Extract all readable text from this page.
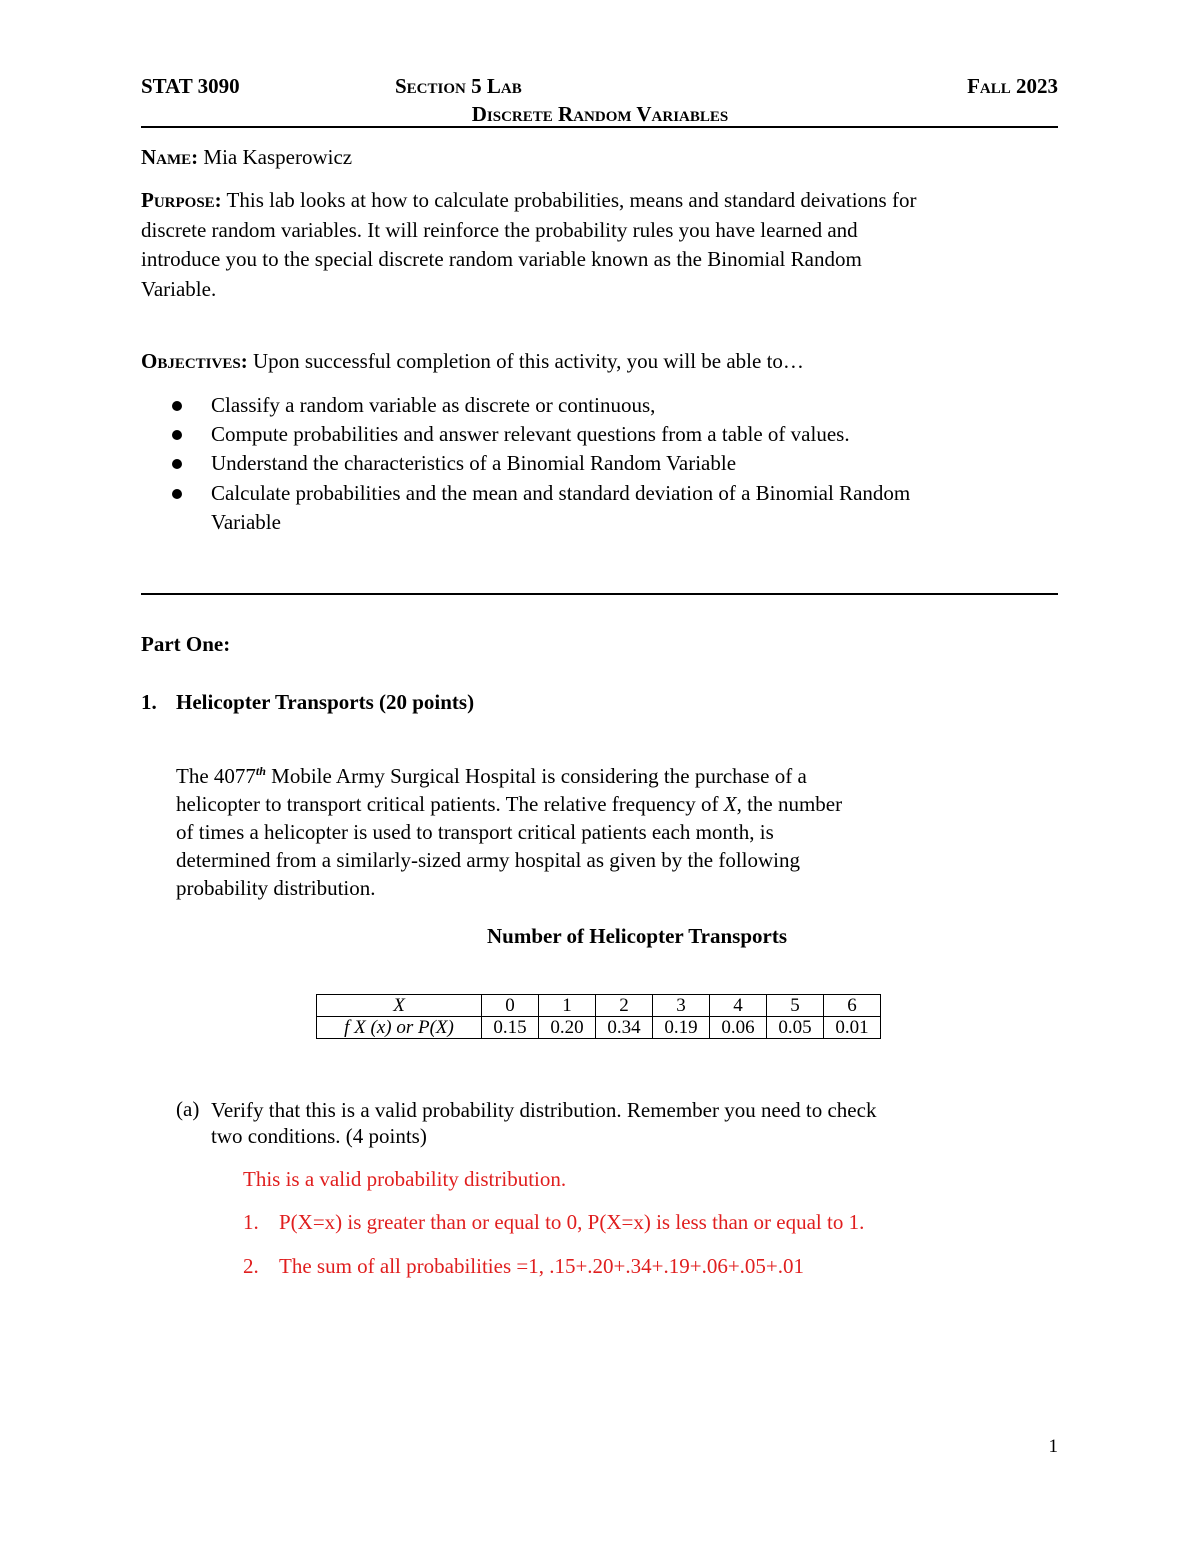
STAT 3090	Section 5 Lab	Fall 2023
Discrete Random Variables
Name: Mia Kasperowicz
Purpose: This lab looks at how to calculate probabilities, means and standard deivations for
discrete random variables. It will reinforce the probability rules you have learned and
introduce you to the special discrete random variable known as the Binomial Random
Variable.
Objectives: Upon successful completion of this activity, you will be able to…
Classify a random variable as discrete or continuous,
Compute probabilities and answer relevant questions from a table of values.
Understand the characteristics of a Binomial Random Variable
Calculate probabilities and the mean and standard deviation of a Binomial Random
Variable
Part One:
1. Helicopter Transports (20 points)
The 4077th Mobile Army Surgical Hospital is considering the purchase of a
helicopter to transport critical patients. The relative frequency of X, the number
of times a helicopter is used to transport critical patients each month, is
determined from a similarly-sized army hospital as given by the following
probability distribution.
Number of Helicopter Transports
X	0	1	2	3	4	5	6
f X (x) or P(X)	0.15	0.20	0.34	0.19	0.06	0.05	0.01
(a) Verify that this is a valid probability distribution. Remember you need to check
two conditions. (4 points)
This is a valid probability distribution.
1. P(X=x) is greater than or equal to 0, P(X=x) is less than or equal to 1.
2. The sum of all probabilities =1, .15+.20+.34+.19+.06+.05+.01
1
